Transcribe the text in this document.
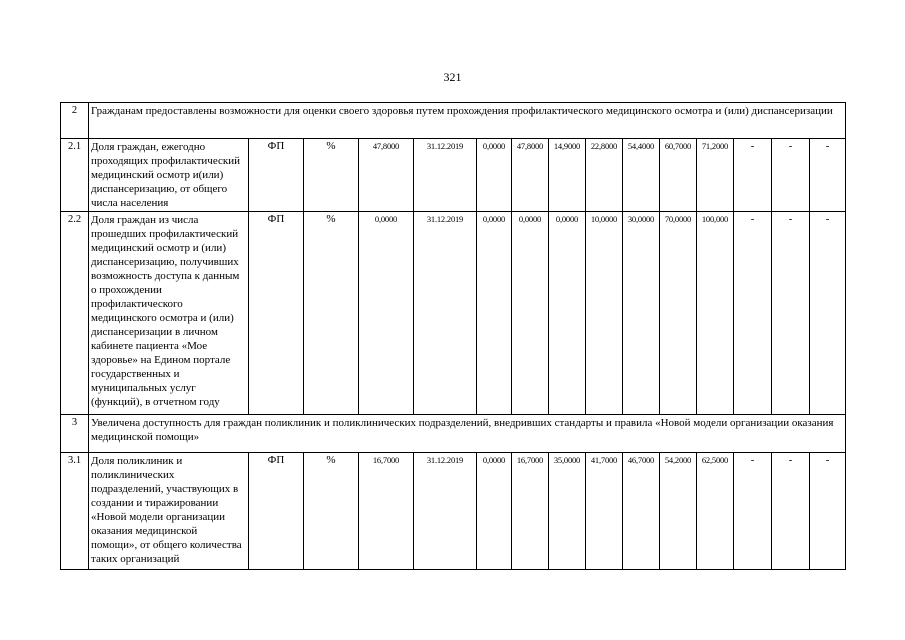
321
2	Гражданам предоставлены возможности для оценки своего здоровья путем прохождения профилактического медицинского осмотра и (или) диспансеризации														
2.1	Доля граждан, ежегодно проходящих профилактический медицинский осмотр и(или) диспансеризацию, от общего числа населения	ФП	%	47,8000	31.12.2019	0,0000	47,8000	14,9000	22,8000	54,4000	60,7000	71,2000	-	-	-
2.2	Доля граждан из числа прошедших профилактический медицинский осмотр и (или) диспансеризацию, получивших возможность доступа к данным о прохождении профилактического медицинского осмотра и (или) диспансеризации в личном кабинете пациента «Мое здоровье» на Едином портале государственных и муниципальных услуг (функций), в отчетном году	ФП	%	0,0000	31.12.2019	0,0000	0,0000	0,0000	10,0000	30,0000	70,0000	100,000	-	-	-
3	Увеличена доступность для граждан поликлиник и поликлинических подразделений, внедривших стандарты и правила «Новой модели организации оказания медицинской помощи»														
3.1	Доля поликлиник и поликлинических подразделений, участвующих в создании и тиражировании «Новой модели организации оказания медицинской помощи», от общего количества таких организаций	ФП	%	16,7000	31.12.2019	0,0000	16,7000	35,0000	41,7000	46,7000	54,2000	62,5000	-	-	-
